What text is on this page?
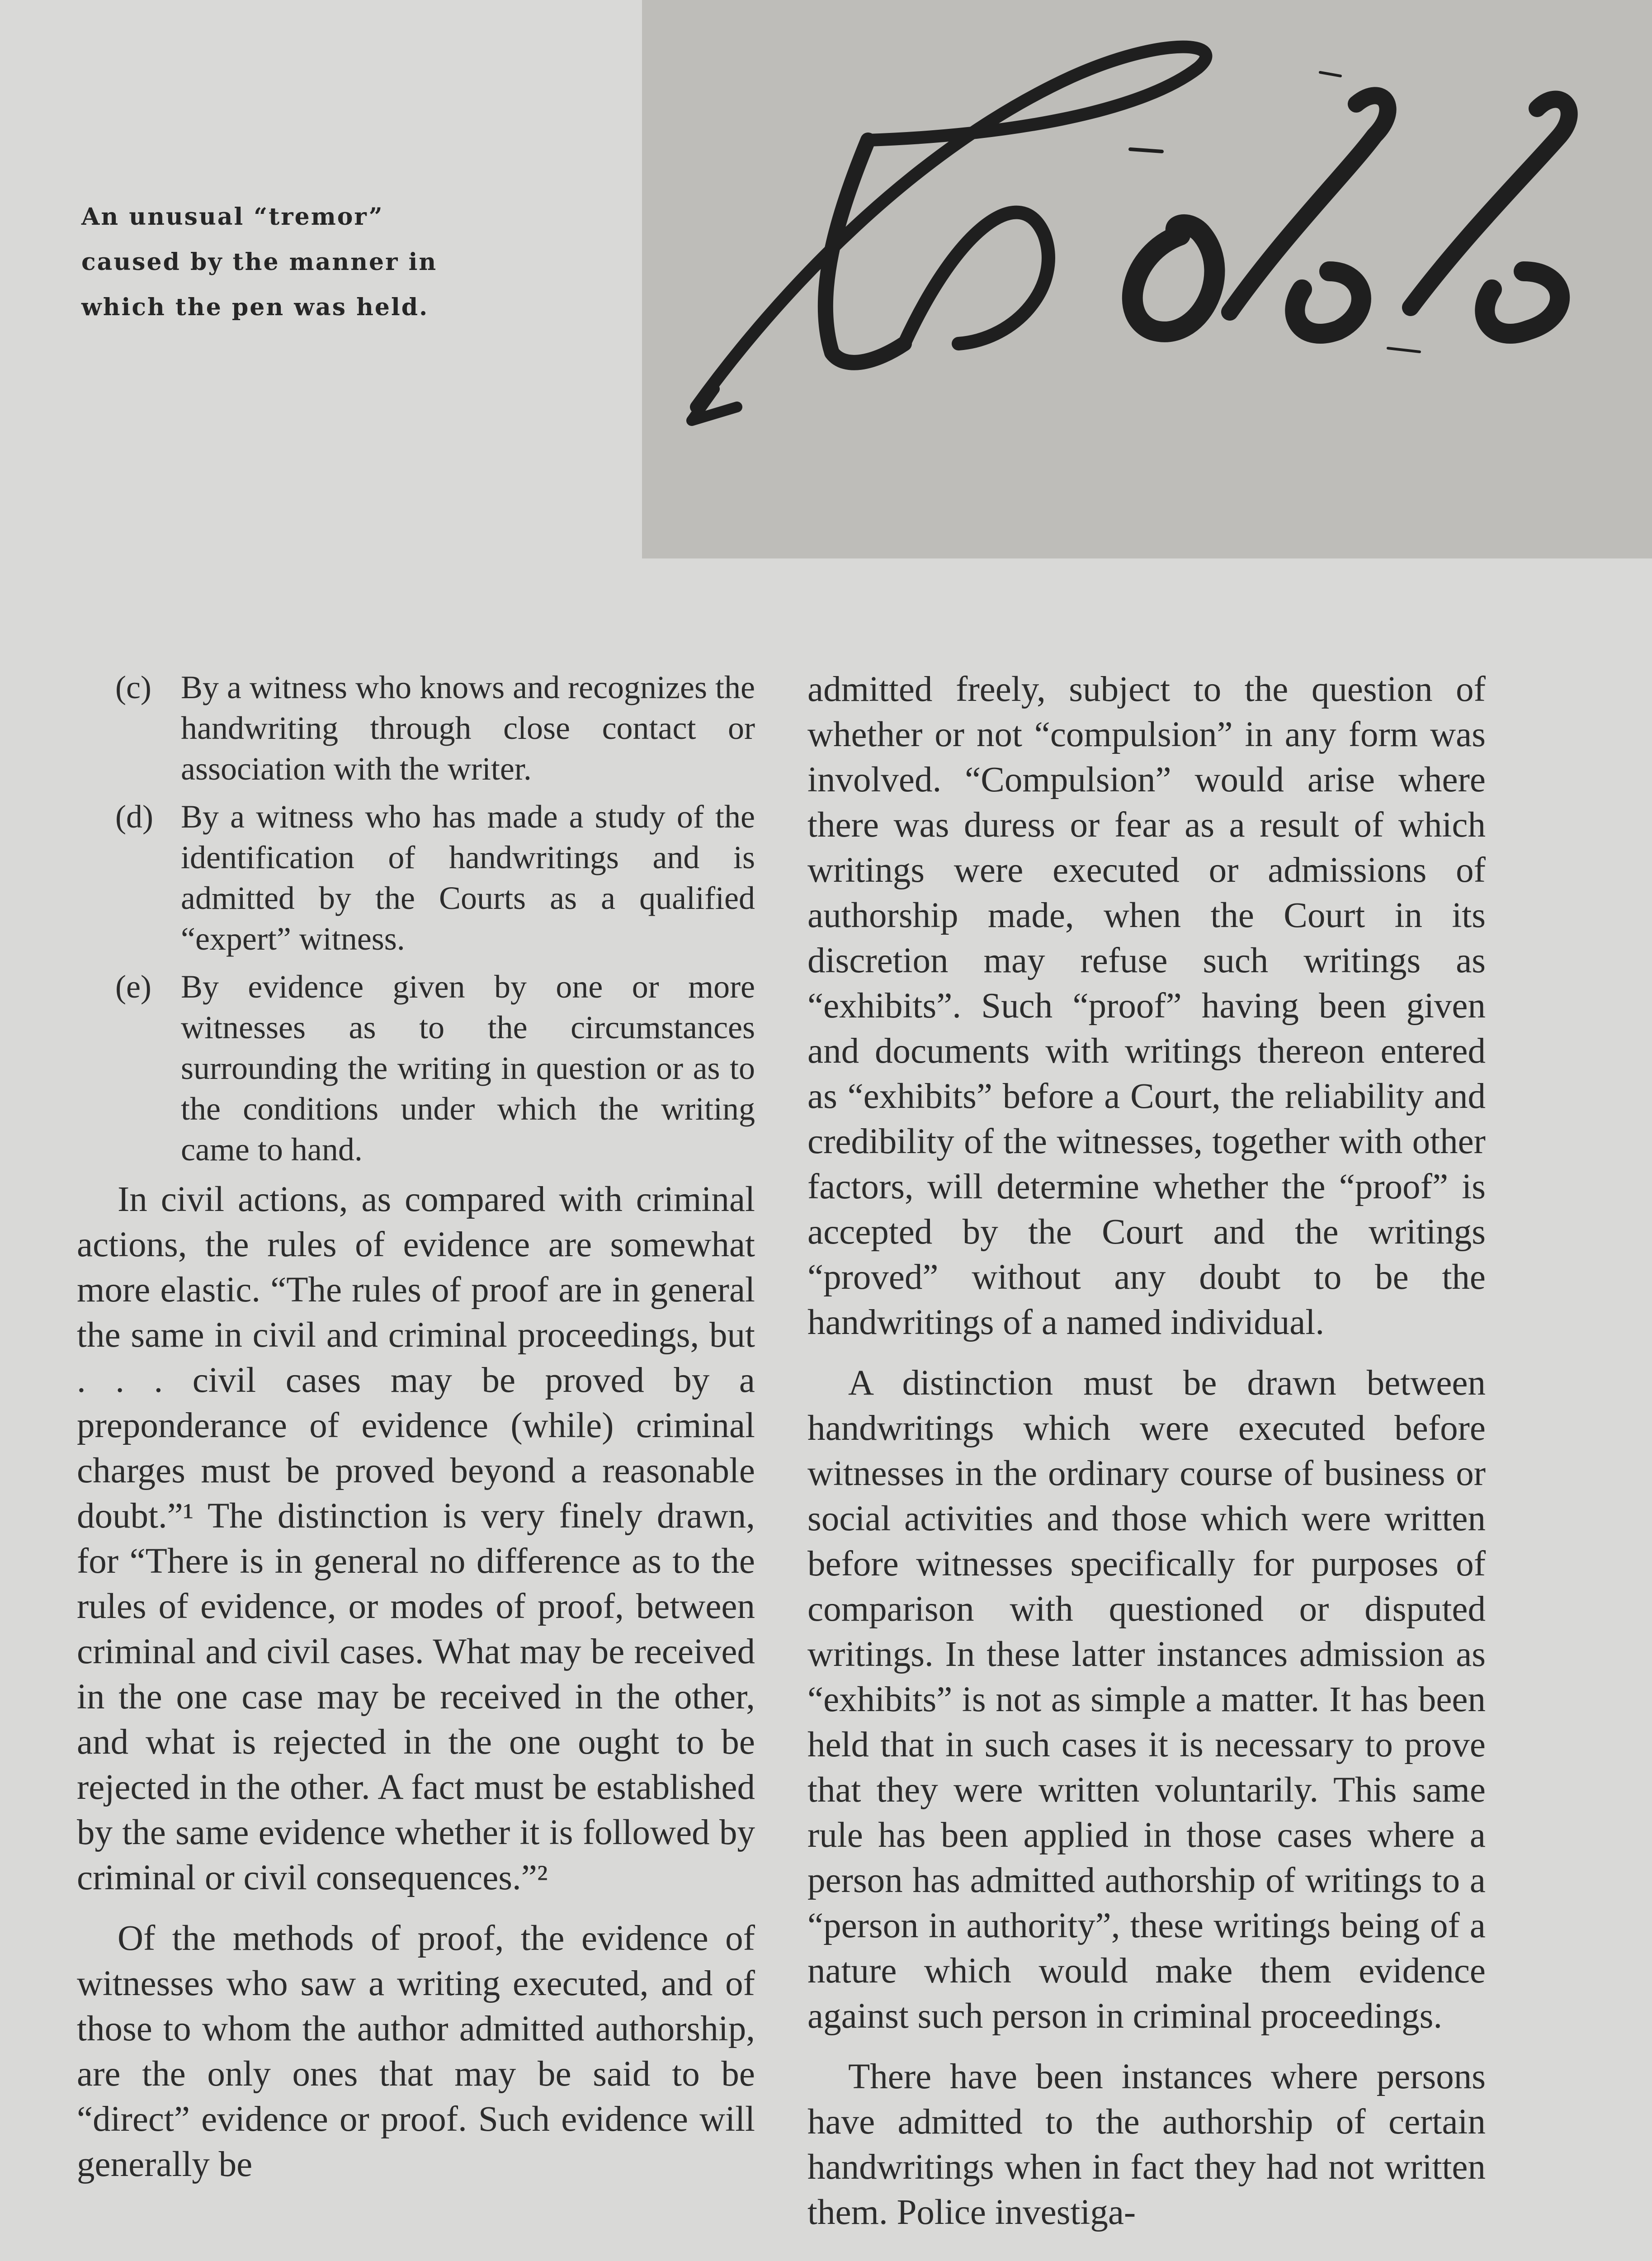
An unusual “tremor” caused by the manner in which the pen was held.

(c) By a witness who knows and recognizes the handwriting through close contact or association with the writer.
(d) By a witness who has made a study of the identification of handwritings and is admitted by the Courts as a qualified “expert” witness.
(e) By evidence given by one or more witnesses as to the circumstances surrounding the writing in question or as to the conditions under which the writing came to hand.

In civil actions, as compared with criminal actions, the rules of evidence are somewhat more elastic. “The rules of proof are in general the same in civil and criminal proceedings, but . . . civil cases may be proved by a preponderance of evidence (while) criminal charges must be proved beyond a reasonable doubt.”¹ The distinction is very finely drawn, for “There is in general no difference as to the rules of evidence, or modes of proof, between criminal and civil cases. What may be received in the one case may be received in the other, and what is rejected in the one ought to be rejected in the other. A fact must be established by the same evidence whether it is followed by criminal or civil consequences.”²

Of the methods of proof, the evidence of witnesses who saw a writing executed, and of those to whom the author admitted authorship, are the only ones that may be said to be “direct” evidence or proof. Such evidence will generally be

admitted freely, subject to the question of whether or not “compulsion” in any form was involved. “Compulsion” would arise where there was duress or fear as a result of which writings were executed or admissions of authorship made, when the Court in its discretion may refuse such writings as “exhibits”. Such “proof” having been given and documents with writings thereon entered as “exhibits” before a Court, the reliability and credibility of the witnesses, together with other factors, will determine whether the “proof” is accepted by the Court and the writings “proved” without any doubt to be the handwritings of a named individual.

A distinction must be drawn between handwritings which were executed before witnesses in the ordinary course of business or social activities and those which were written before witnesses specifically for purposes of comparison with questioned or disputed writings. In these latter instances admission as “exhibits” is not as simple a matter. It has been held that in such cases it is necessary to prove that they were written voluntarily. This same rule has been applied in those cases where a person has admitted authorship of writings to a “person in authority”, these writings being of a nature which would make them evidence against such person in criminal proceedings.

There have been instances where persons have admitted to the authorship of certain handwritings when in fact they had not written them. Police investiga-
